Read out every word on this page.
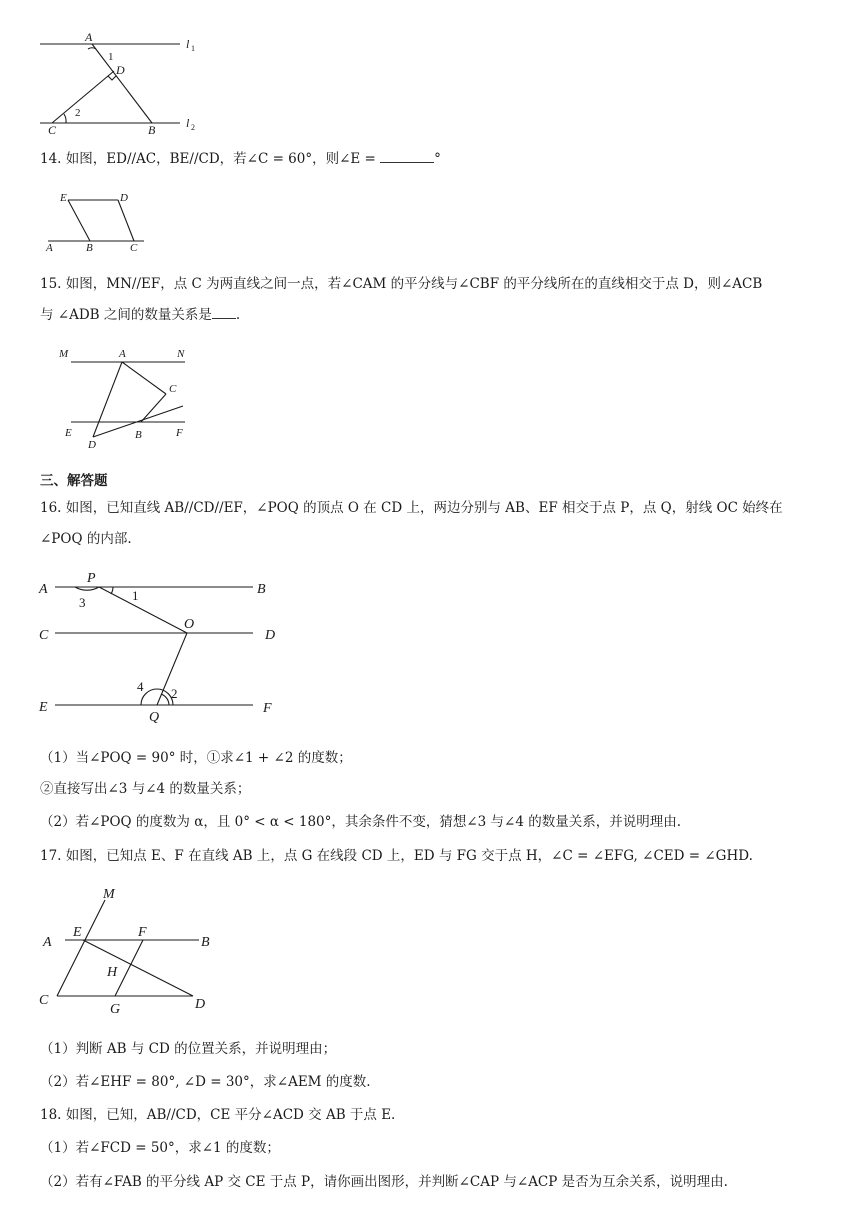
A
D
C	B
1
2
l 1
l 2
14. 如图，ED//AC，BE//CD，若∠C = 60°，则∠E =	°
E	D
A	B	C
15. 如图，MN//EF，点 C 为两直线之间一点，若∠CAM 的平分线与∠CBF 的平分线所在的直线相交于点 D，则∠ACB
与 ∠ADB 之间的数量关系是 .
M	A	N
C
E
D
B	F
三、解答题
16. 如图，已知直线 AB//CD//EF，∠POQ 的顶点 O 在 CD 上，两边分别与 AB、EF 相交于点 P，点 Q，射线 OC 始终在
∠POQ 的内部.
A
P
B
3	1
C
O
D
4 2
E
Q
F
（1）当∠POQ = 90° 时，①求∠1 + ∠2 的度数；
②直接写出∠3 与∠4 的数量关系；
（2）若∠POQ 的度数为 α，且 0° < α < 180°，其余条件不变，猜想∠3 与∠4 的数量关系，并说明理由.
17. 如图，已知点 E、F 在直线 AB 上，点 G 在线段 CD 上，ED 与 FG 交于点 H，∠C = ∠EFG, ∠CED = ∠GHD.
M
A
E	F
B
H
C
G	D
（1）判断 AB 与 CD 的位置关系，并说明理由；
（2）若∠EHF = 80°, ∠D = 30°，求∠AEM 的度数.
18. 如图，已知，AB//CD，CE 平分∠ACD 交 AB 于点 E.
（1）若∠FCD = 50°，求∠1 的度数；
（2）若有∠FAB 的平分线 AP 交 CE 于点 P，请你画出图形，并判断∠CAP 与∠ACP 是否为互余关系，说明理由.
